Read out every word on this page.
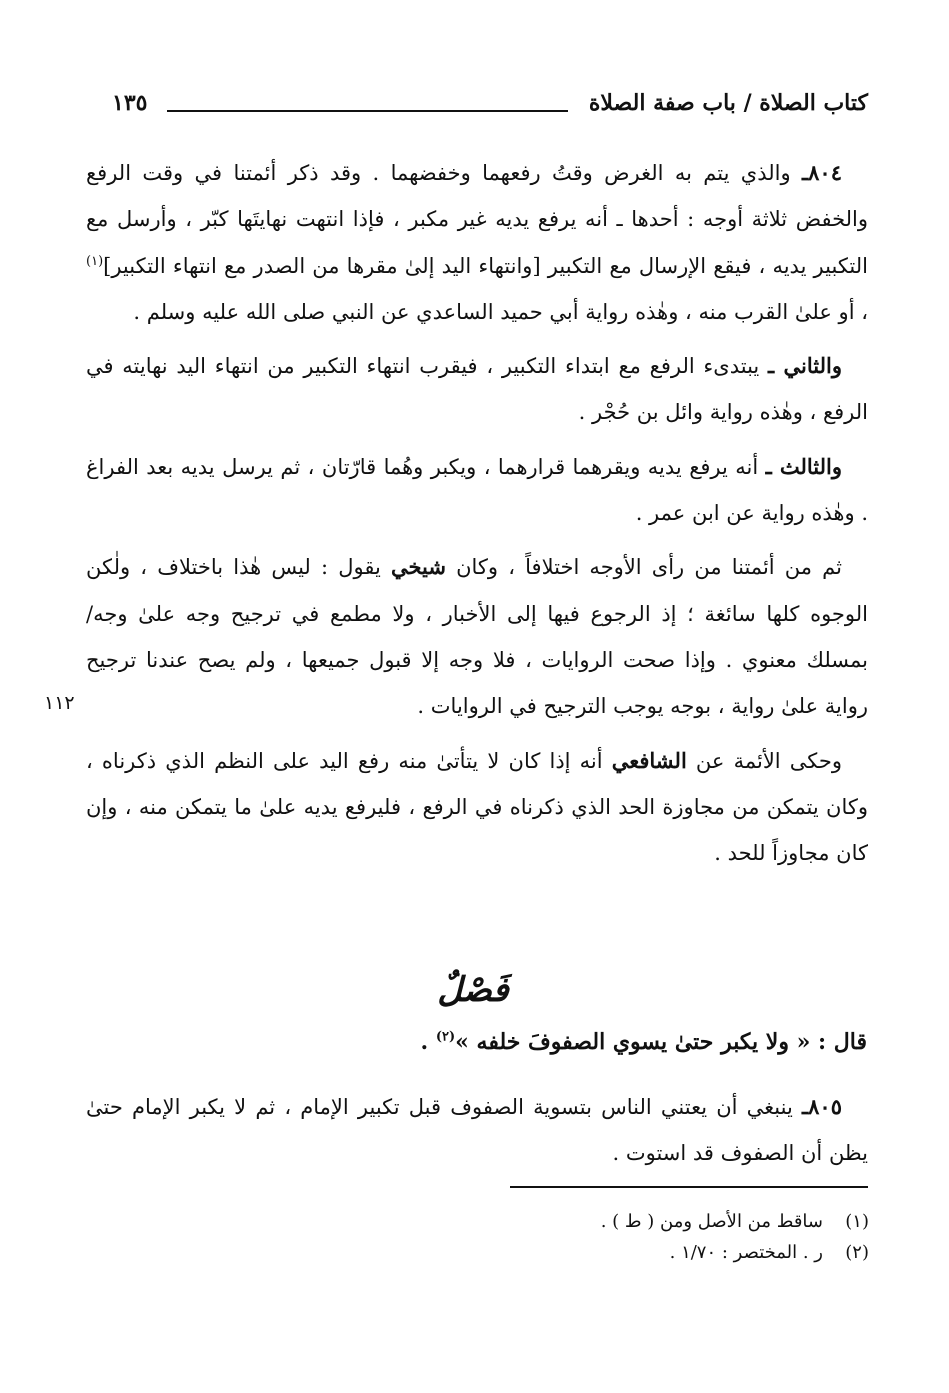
كتاب الصلاة / باب صفة الصلاة
١٣٥

٨٠٤ـ والذي يتم به الغرض وقتُ رفعهما وخفضهما . وقد ذكر أئمتنا في وقت الرفع والخفض ثلاثة أوجه : أحدها ـ أنه يرفع يديه غير مكبر ، فإذا انتهت نهايتَها كبّر ، وأرسل مع التكبير يديه ، فيقع الإرسال مع التكبير [وانتهاء اليد إلىٰ مقرها من الصدر مع انتهاء التكبير]$^{(١)}$ ، أو علىٰ القرب منه ، وهٰذه رواية أبي حميد الساعدي عن النبي صلى الله عليه وسلم .

والثاني ـ يبتدىء الرفع مع ابتداء التكبير ، فيقرب انتهاء التكبير من انتهاء اليد نهايته في الرفع ، وهٰذه رواية وائل بن حُجْر .

والثالث ـ أنه يرفع يديه ويقرهما قرارهما ، ويكبر وهُما قارّتان ، ثم يرسل يديه بعد الفراغ . وهٰذه رواية عن ابن عمر .

ثم من أئمتنا من رأى الأوجه اختلافاً ، وكان شيخي يقول : ليس هٰذا باختلاف ، ولٰكن الوجوه كلها سائغة ؛ إذ الرجوع فيها إلى الأخبار ، ولا مطمع في ترجيح وجه علىٰ وجه/ بمسلك معنوي . وإذا صحت الروايات ، فلا وجه إلا قبول جميعها ، ولم يصح عندنا ترجيح رواية علىٰ رواية ، بوجه يوجب الترجيح في الروايات .

وحكى الأئمة عن الشافعي أنه إذا كان لا يتأتىٰ منه رفع اليد على النظم الذي ذكرناه ، وكان يتمكن من مجاوزة الحد الذي ذكرناه في الرفع ، فليرفع يديه علىٰ ما يتمكن منه ، وإن كان مجاوزاً للحد .

١١٢
فَصْلٌ
قال : « ولا يكبر حتىٰ يسوي الصفوفَ خلفه »$^{(٢)}$ .

٨٠٥ـ ينبغي أن يعتني الناس بتسوية الصفوف قبل تكبير الإمام ، ثم لا يكبر الإمام حتىٰ يظن أن الصفوف قد استوت .

(١)ساقط من الأصل ومن ( ط ) .
(٢)ر . المختصر : ١/٧٠ .
